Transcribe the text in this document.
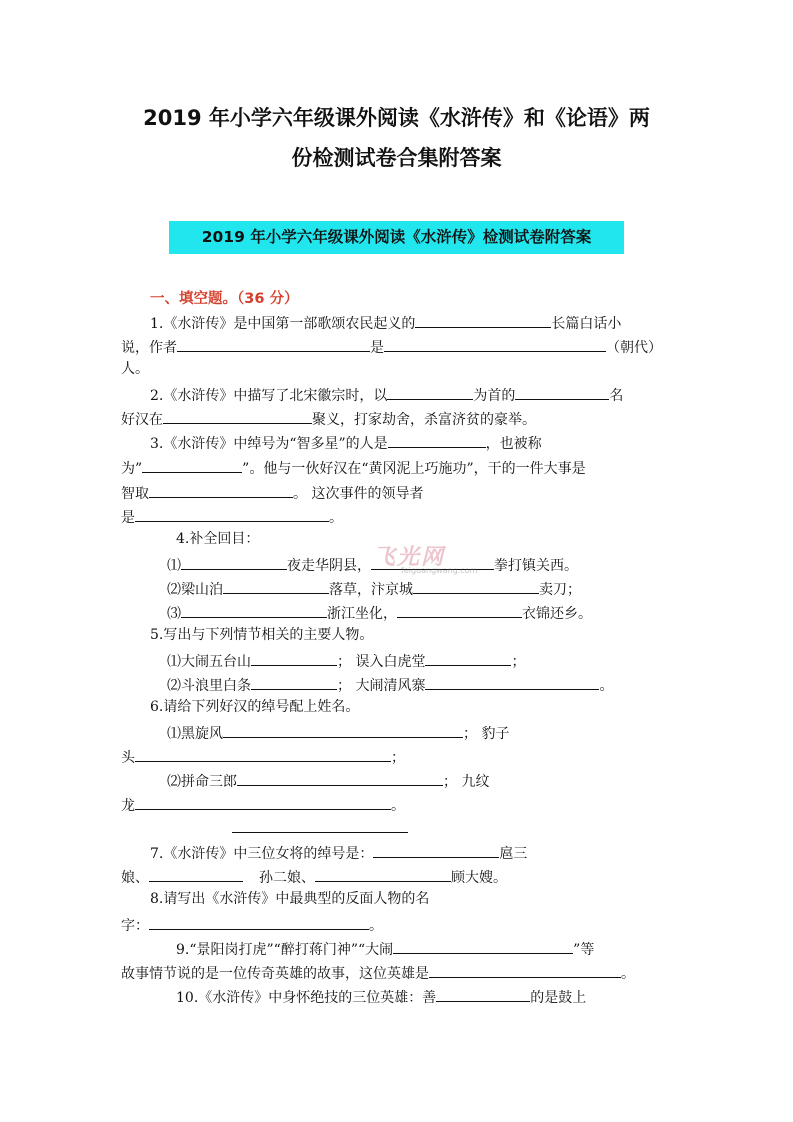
2019 年小学六年级课外阅读《水浒传》和《论语》两
份检测试卷合集附答案
2019 年小学六年级课外阅读《水浒传》检测试卷附答案
一、填空题。（36 分）
1.《水浒传》是中国第一部歌颂农民起义的	长篇白话小
说，作者	是	（朝代）
人。
2.《水浒传》中描写了北宋徽宗时，以	为首的	名
好汉在	聚义，打家劫舍，杀富济贫的豪举。
3.《水浒传》中绰号为“智多星”的人是	，也被称
为”	”。他与一伙好汉在“黄冈泥上巧施功”，干的一件大事是
智取	。 这次事件的领导者
是	。
4.补全回目：
⑴	夜走华阴县，	拳打镇关西。
⑵梁山泊	落草，汴京城	卖刀；
⑶	浙江坐化，	衣锦还乡。
5.写出与下列情节相关的主要人物。
⑴大闹五台山	； 误入白虎堂	；
⑵斗浪里白条	； 大闹清风寨	。
6.请给下列好汉的绰号配上姓名。
⑴黑旋风	； 豹子
头	；
⑵拼命三郎	； 九纹
龙	。
7.《水浒传》中三位女将的绰号是：	扈三
娘、	孙二娘、	顾大嫂。
8.请写出《水浒传》中最典型的反面人物的名
字：	。
9.“景阳岗打虎”“醉打蒋门神”“大闹	”等
故事情节说的是一位传奇英雄的故事，这位英雄是	。
10.《水浒传》中身怀绝技的三位英雄：善	的是鼓上
飞光网
feiguangwang.com
